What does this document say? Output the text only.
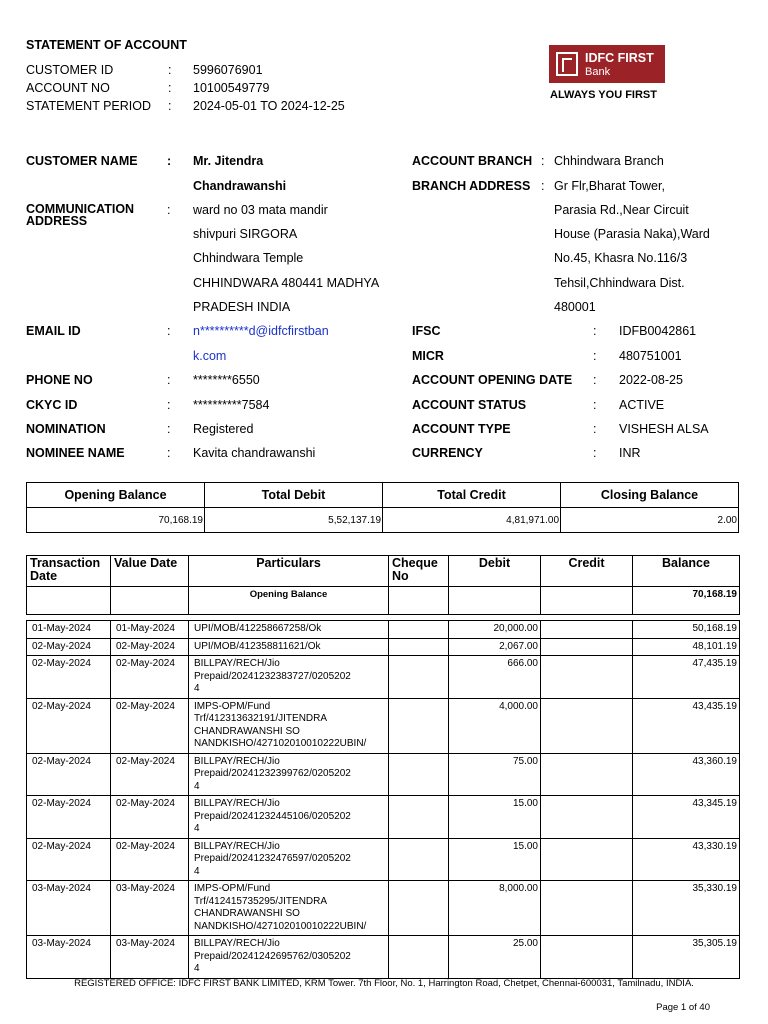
STATEMENT OF ACCOUNT
CUSTOMER ID	: 5996076901
ACCOUNT NO	: 10100549779
STATEMENT PERIOD	: 2024-05-01 TO 2024-12-25
IDFC FIRST
Bank
ALWAYS YOU FIRST
CUSTOMER NAME : Mr. Jitendra
Chandrawanshi
COMMUNICATION
ADDRESS
: ward no 03 mata mandir
shivpuri SIRGORA
Chhindwara Temple
CHHINDWARA 480441 MADHYA
PRADESH INDIA
EMAIL ID	: n**********d@idfcfirstban
k.com
PHONE NO	: ********6550
CKYC ID	: **********7584
NOMINATION	: Registered
NOMINEE NAME	: Kavita chandrawanshi
ACCOUNT BRANCH : Chhindwara Branch
BRANCH ADDRESS : Gr Flr,Bharat Tower,
Parasia Rd.,Near Circuit
House (Parasia Naka),Ward
No.45, Khasra No.116/3
Tehsil,Chhindwara Dist.
480001
IFSC	: IDFB0042861
MICR	: 480751001
ACCOUNT OPENING DATE : 2022-08-25
ACCOUNT STATUS	: ACTIVE
ACCOUNT TYPE	: VISHESH ALSA
CURRENCY	: INR
Opening Balance	Total Debit	Total Credit	Closing Balance
70,168.19	5,52,137.19	4,81,971.00	2.00
Transaction Date	Value Date	Particulars	Cheque No	Debit	Credit	Balance
		Opening Balance				70,168.19

01-May-2024	01-May-2024	UPI/MOB/412258667258/Ok		20,000.00		50,168.19
02-May-2024	02-May-2024	UPI/MOB/412358811621/Ok		2,067.00		48,101.19
02-May-2024	02-May-2024	BILLPAY/RECH/Jio
Prepaid/20241232383727/0205202
4		666.00		47,435.19
02-May-2024	02-May-2024	IMPS-OPM/Fund
Trf/412313632191/JITENDRA
CHANDRAWANSHI SO
NANDKISHO/427102010010222UBIN/		4,000.00		43,435.19
02-May-2024	02-May-2024	BILLPAY/RECH/Jio
Prepaid/20241232399762/0205202
4		75.00		43,360.19
02-May-2024	02-May-2024	BILLPAY/RECH/Jio
Prepaid/20241232445106/0205202
4		15.00		43,345.19
02-May-2024	02-May-2024	BILLPAY/RECH/Jio
Prepaid/20241232476597/0205202
4		15.00		43,330.19
03-May-2024	03-May-2024	IMPS-OPM/Fund
Trf/412415735295/JITENDRA
CHANDRAWANSHI SO
NANDKISHO/427102010010222UBIN/		8,000.00		35,330.19
03-May-2024	03-May-2024	BILLPAY/RECH/Jio
Prepaid/20241242695762/0305202
4		25.00		35,305.19
REGISTERED OFFICE: IDFC FIRST BANK LIMITED, KRM Tower. 7th Floor, No. 1, Harrington Road, Chetpet, Chennai-600031, Tamilnadu, INDIA.
Page 1 of 40
